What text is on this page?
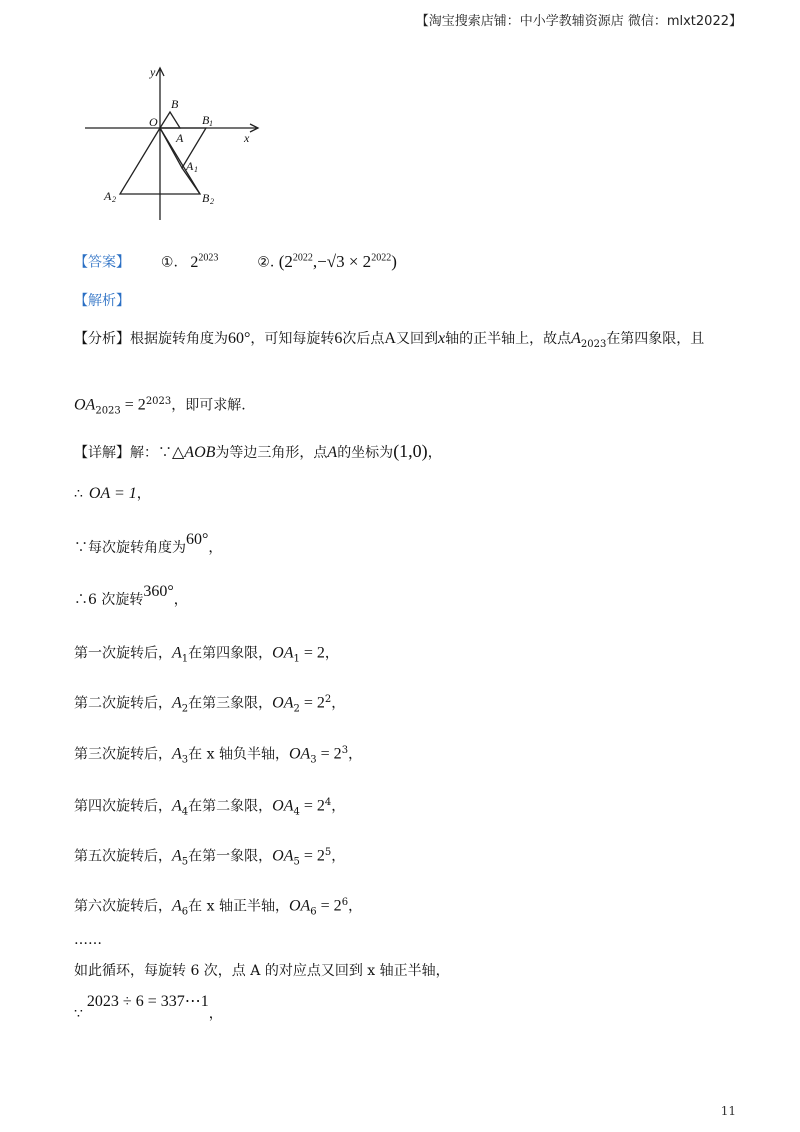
【淘宝搜索店铺：中小学教辅资源店 微信：mlxt2022】
y
x
O
B
A
B 1
A 1
A 2	B 2
【答案】 ①. $2^{2023}$	②. $(2^{2022},-√3 \times 2^{2022})$
【解析】
【分析】根据旋转角度为60°，可知每旋转6次后点A又回到x轴的正半轴上，故点$A_{2023}$在第四象限，且
$OA_{2023} = 2^{2023}$，即可求解.
【详解】解：∵△AOB为等边三角形，点A的坐标为(1,0)，
∴ OA = 1，
∵每次旋转角度为60°，
∴6 次旋转360°，
第一次旋转后，$A_1$在第四象限，$OA_1 = 2$，
第二次旋转后，$A_2$在第三象限，$OA_2 = 2^2$，
第三次旋转后，$A_3$在 x 轴负半轴，$OA_3 = 2^3$，
第四次旋转后，$A_4$在第二象限，$OA_4 = 2^4$，
第五次旋转后，$A_5$在第一象限，$OA_5 = 2^5$，
第六次旋转后，$A_6$在 x 轴正半轴，$OA_6 = 2^6$，
……
如此循环，每旋转 6 次，点 A 的对应点又回到 x 轴正半轴，
∵2023 ÷ 6 = 337⋯1，
11
